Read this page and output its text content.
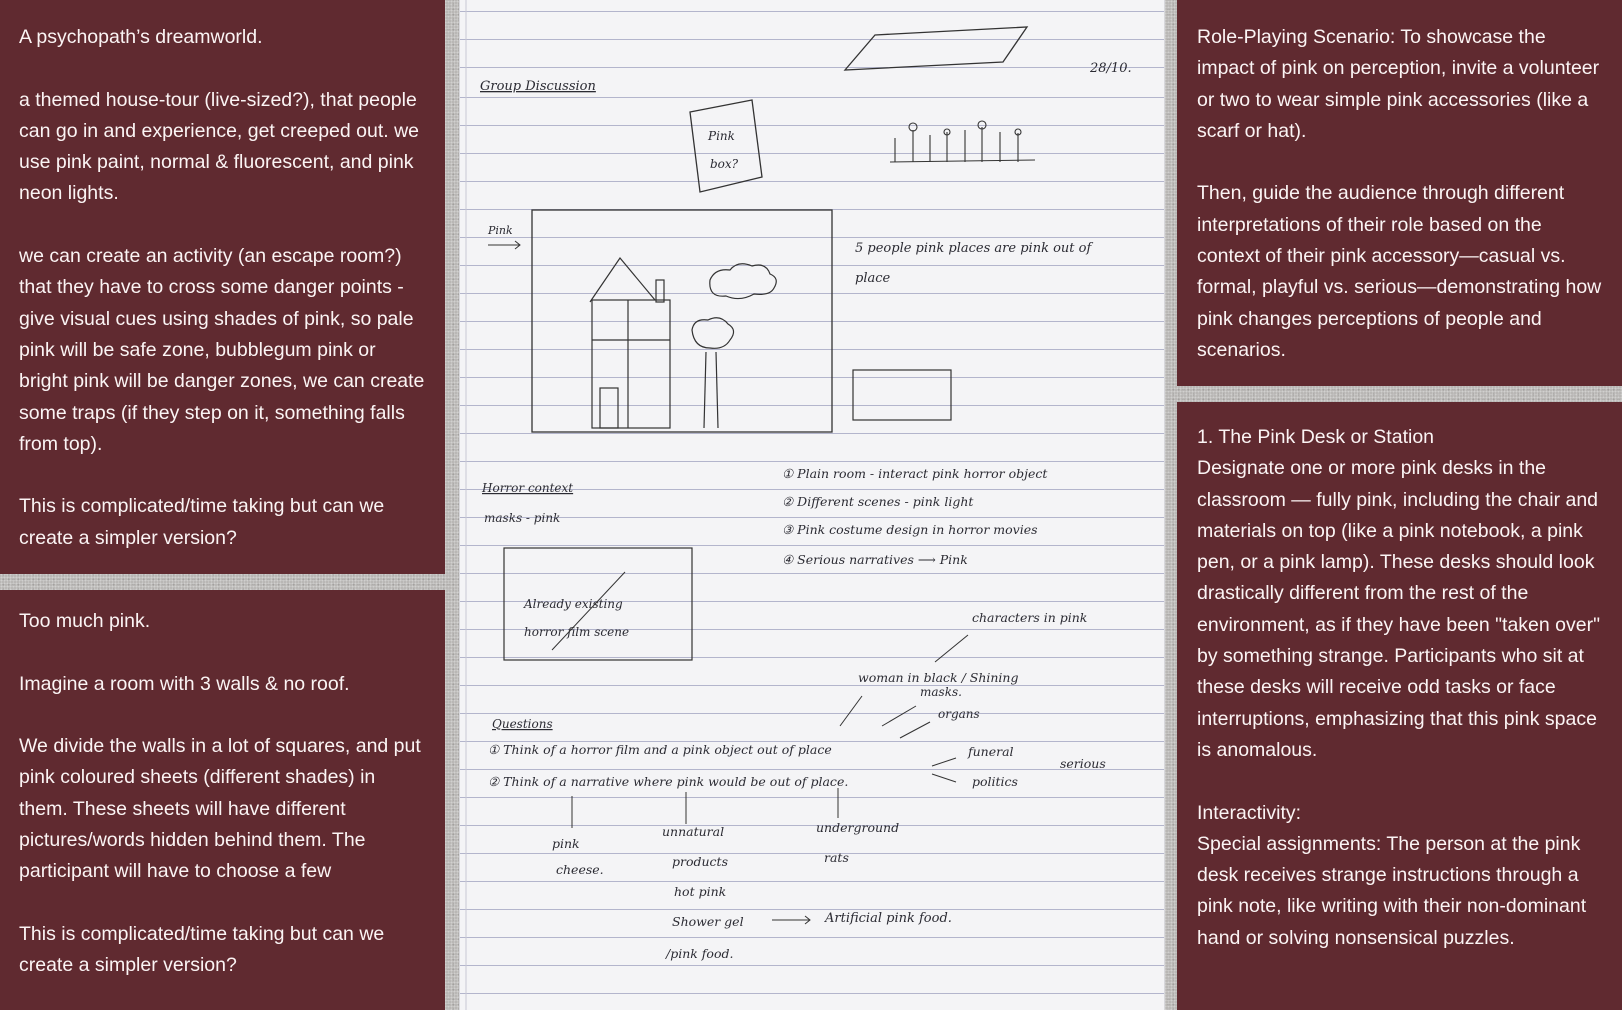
A psychopath’s dreamworld.

a themed house-tour (live-sized?), that people can go in and experience, get creeped out. we use pink paint, normal & fluorescent, and pink neon lights.

we can create an activity (an escape room?) that they have to cross some danger points - give visual cues using shades of pink, so pale pink will be safe zone, bubblegum pink or bright pink will be danger zones, we can create some traps (if they step on it, something falls from top).

This is complicated/time taking but can we create a simpler version?

Too much pink.

Imagine a room with 3 walls & no roof.

We divide the walls in a lot of squares, and put pink coloured sheets (different shades) in them. These sheets will have different pictures/words hidden behind them. The participant will have to choose a few

This is complicated/time taking but can we create a simpler version?

28/10.
Group Discussion
Pink
box?
Pink
5 people pink places are pink out of
place
Horror context
masks - pink
① Plain room - interact pink horror object
② Different scenes - pink light
③ Pink costume design in horror movies
④ Serious narratives ⟶ Pink
Already existing
horror film scene
characters in pink
woman in black / Shining
masks.
organs
Questions
① Think of a horror film and a pink object out of place
② Think of a narrative where pink would be out of place.
funeral
politics
serious
pink
cheese.
unnatural
products
hot pink
Shower gel
/pink food.
Artificial pink food.
underground
rats

Role-Playing Scenario: To showcase the impact of pink on perception, invite a volunteer or two to wear simple pink accessories (like a scarf or hat).

Then, guide the audience through different interpretations of their role based on the context of their pink accessory—casual vs. formal, playful vs. serious—demonstrating how pink changes perceptions of people and scenarios.

1. The Pink Desk or Station

Designate one or more pink desks in the classroom — fully pink, including the chair and materials on top (like a pink notebook, a pink pen, or a pink lamp). These desks should look drastically different from the rest of the environment, as if they have been "taken over" by something strange. Participants who sit at these desks will receive odd tasks or face interruptions, emphasizing that this pink space is anomalous.

Interactivity:

Special assignments: The person at the pink desk receives strange instructions through a pink note, like writing with their non-dominant hand or solving nonsensical puzzles.
